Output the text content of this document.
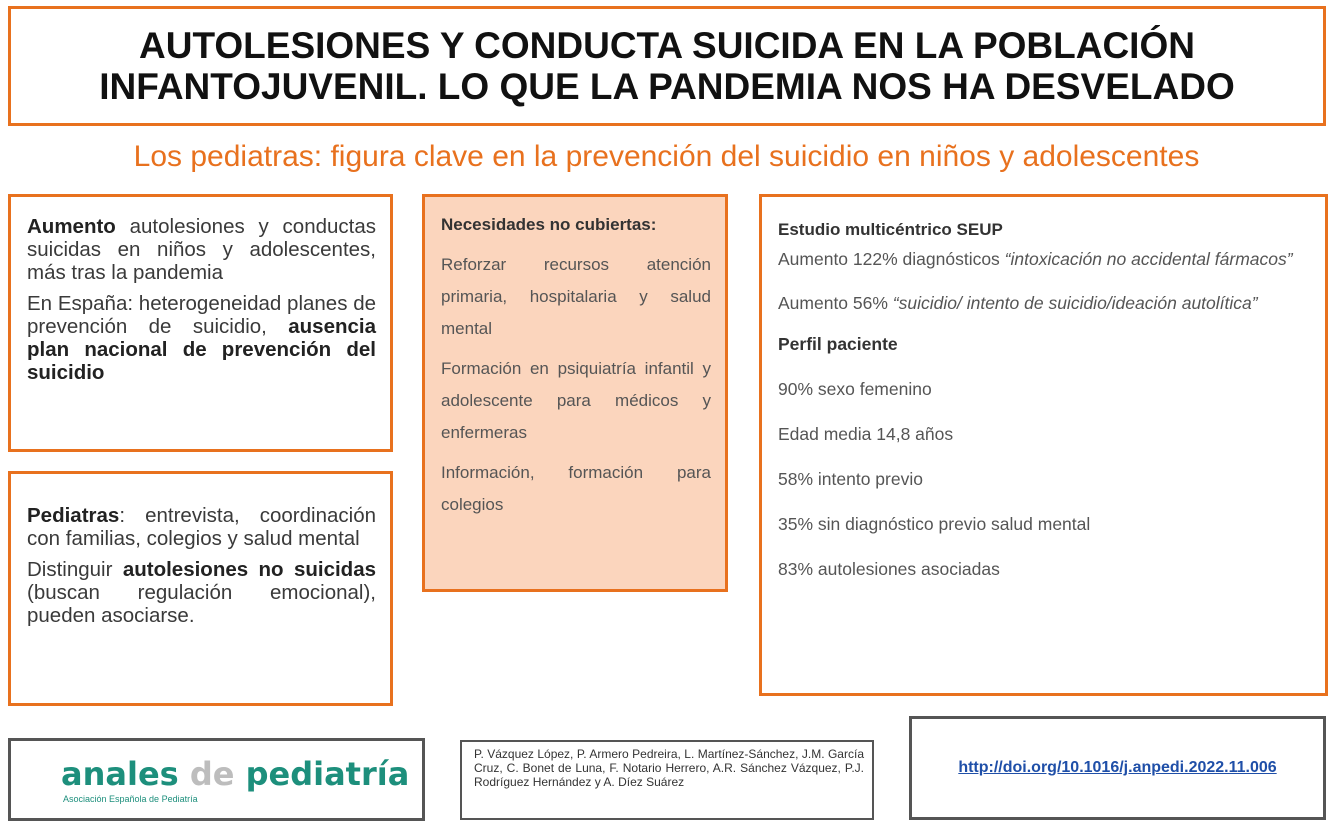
AUTOLESIONES Y CONDUCTA SUICIDA EN LA POBLACIÓN
INFANTOJUVENIL. LO QUE LA PANDEMIA NOS HA DESVELADO
Los pediatras: figura clave en la prevención del suicidio en niños y adolescentes

Aumento autolesiones y conductas suicidas en niños y adolescentes, más tras la pandemia

En España: heterogeneidad planes de prevención de suicidio, ausencia plan nacional de prevención del suicidio

Pediatras: entrevista, coordinación con familias, colegios y salud mental

Distinguir autolesiones no suicidas (buscan regulación emocional), pueden asociarse.

Necesidades no cubiertas:

Reforzar recursos atención primaria, hospitalaria y salud mental

Formación en psiquiatría infantil y adolescente para médicos y enfermeras

Información, formación para colegios

Estudio multicéntrico SEUP

Aumento 122% diagnósticos “intoxicación no accidental fármacos”

Aumento 56% “suicidio/ intento de suicidio/ideación autolítica”

Perfil paciente

90% sexo femenino

Edad media 14,8 años

58% intento previo

35% sin diagnóstico previo salud mental

83% autolesiones asociadas

anales de pediatría
Asociación Española de Pediatría

P. Vázquez López, P. Armero Pedreira, L. Martínez-Sánchez, J.M. García Cruz, C. Bonet de Luna, F. Notario Herrero, A.R. Sánchez Vázquez, P.J. Rodríguez Hernández y A. Díez Suárez

http://doi.org/10.1016/j.anpedi.2022.11.006
